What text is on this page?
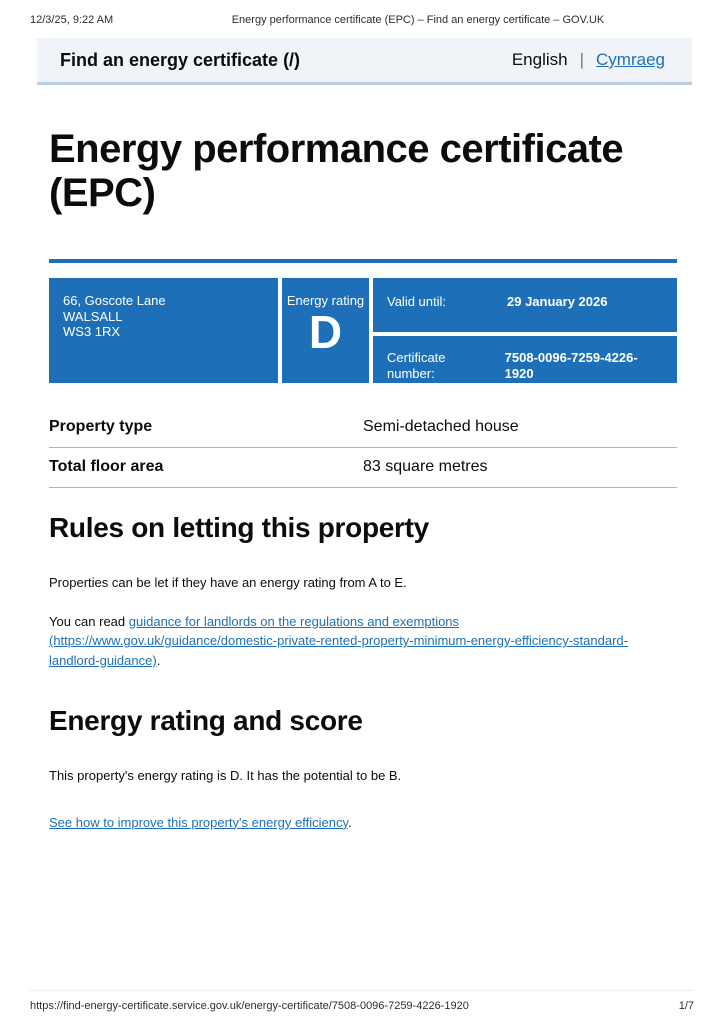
12/3/25, 9:22 AM	Energy performance certificate (EPC) – Find an energy certificate – GOV.UK
Find an energy certificate (/)	English | Cymraeg
Energy performance certificate (EPC)
66, Goscote Lane
WALSALL
WS3 1RX
Energy rating
D
Valid until:	29 January 2026
Certificate number:
7508-0096-7259-4226-1920
Property type	Semi-detached house
Total floor area	83 square metres
Rules on letting this property

Properties can be let if they have an energy rating from A to E.

You can read guidance for landlords on the regulations and exemptions (https://www.gov.uk/guidance/domestic-private-rented-property-minimum-energy-efficiency-standard-landlord-guidance).

Energy rating and score

This property's energy rating is D. It has the potential to be B.

See how to improve this property's energy efficiency.

https://find-energy-certificate.service.gov.uk/energy-certificate/7508-0096-7259-4226-1920	1/7
